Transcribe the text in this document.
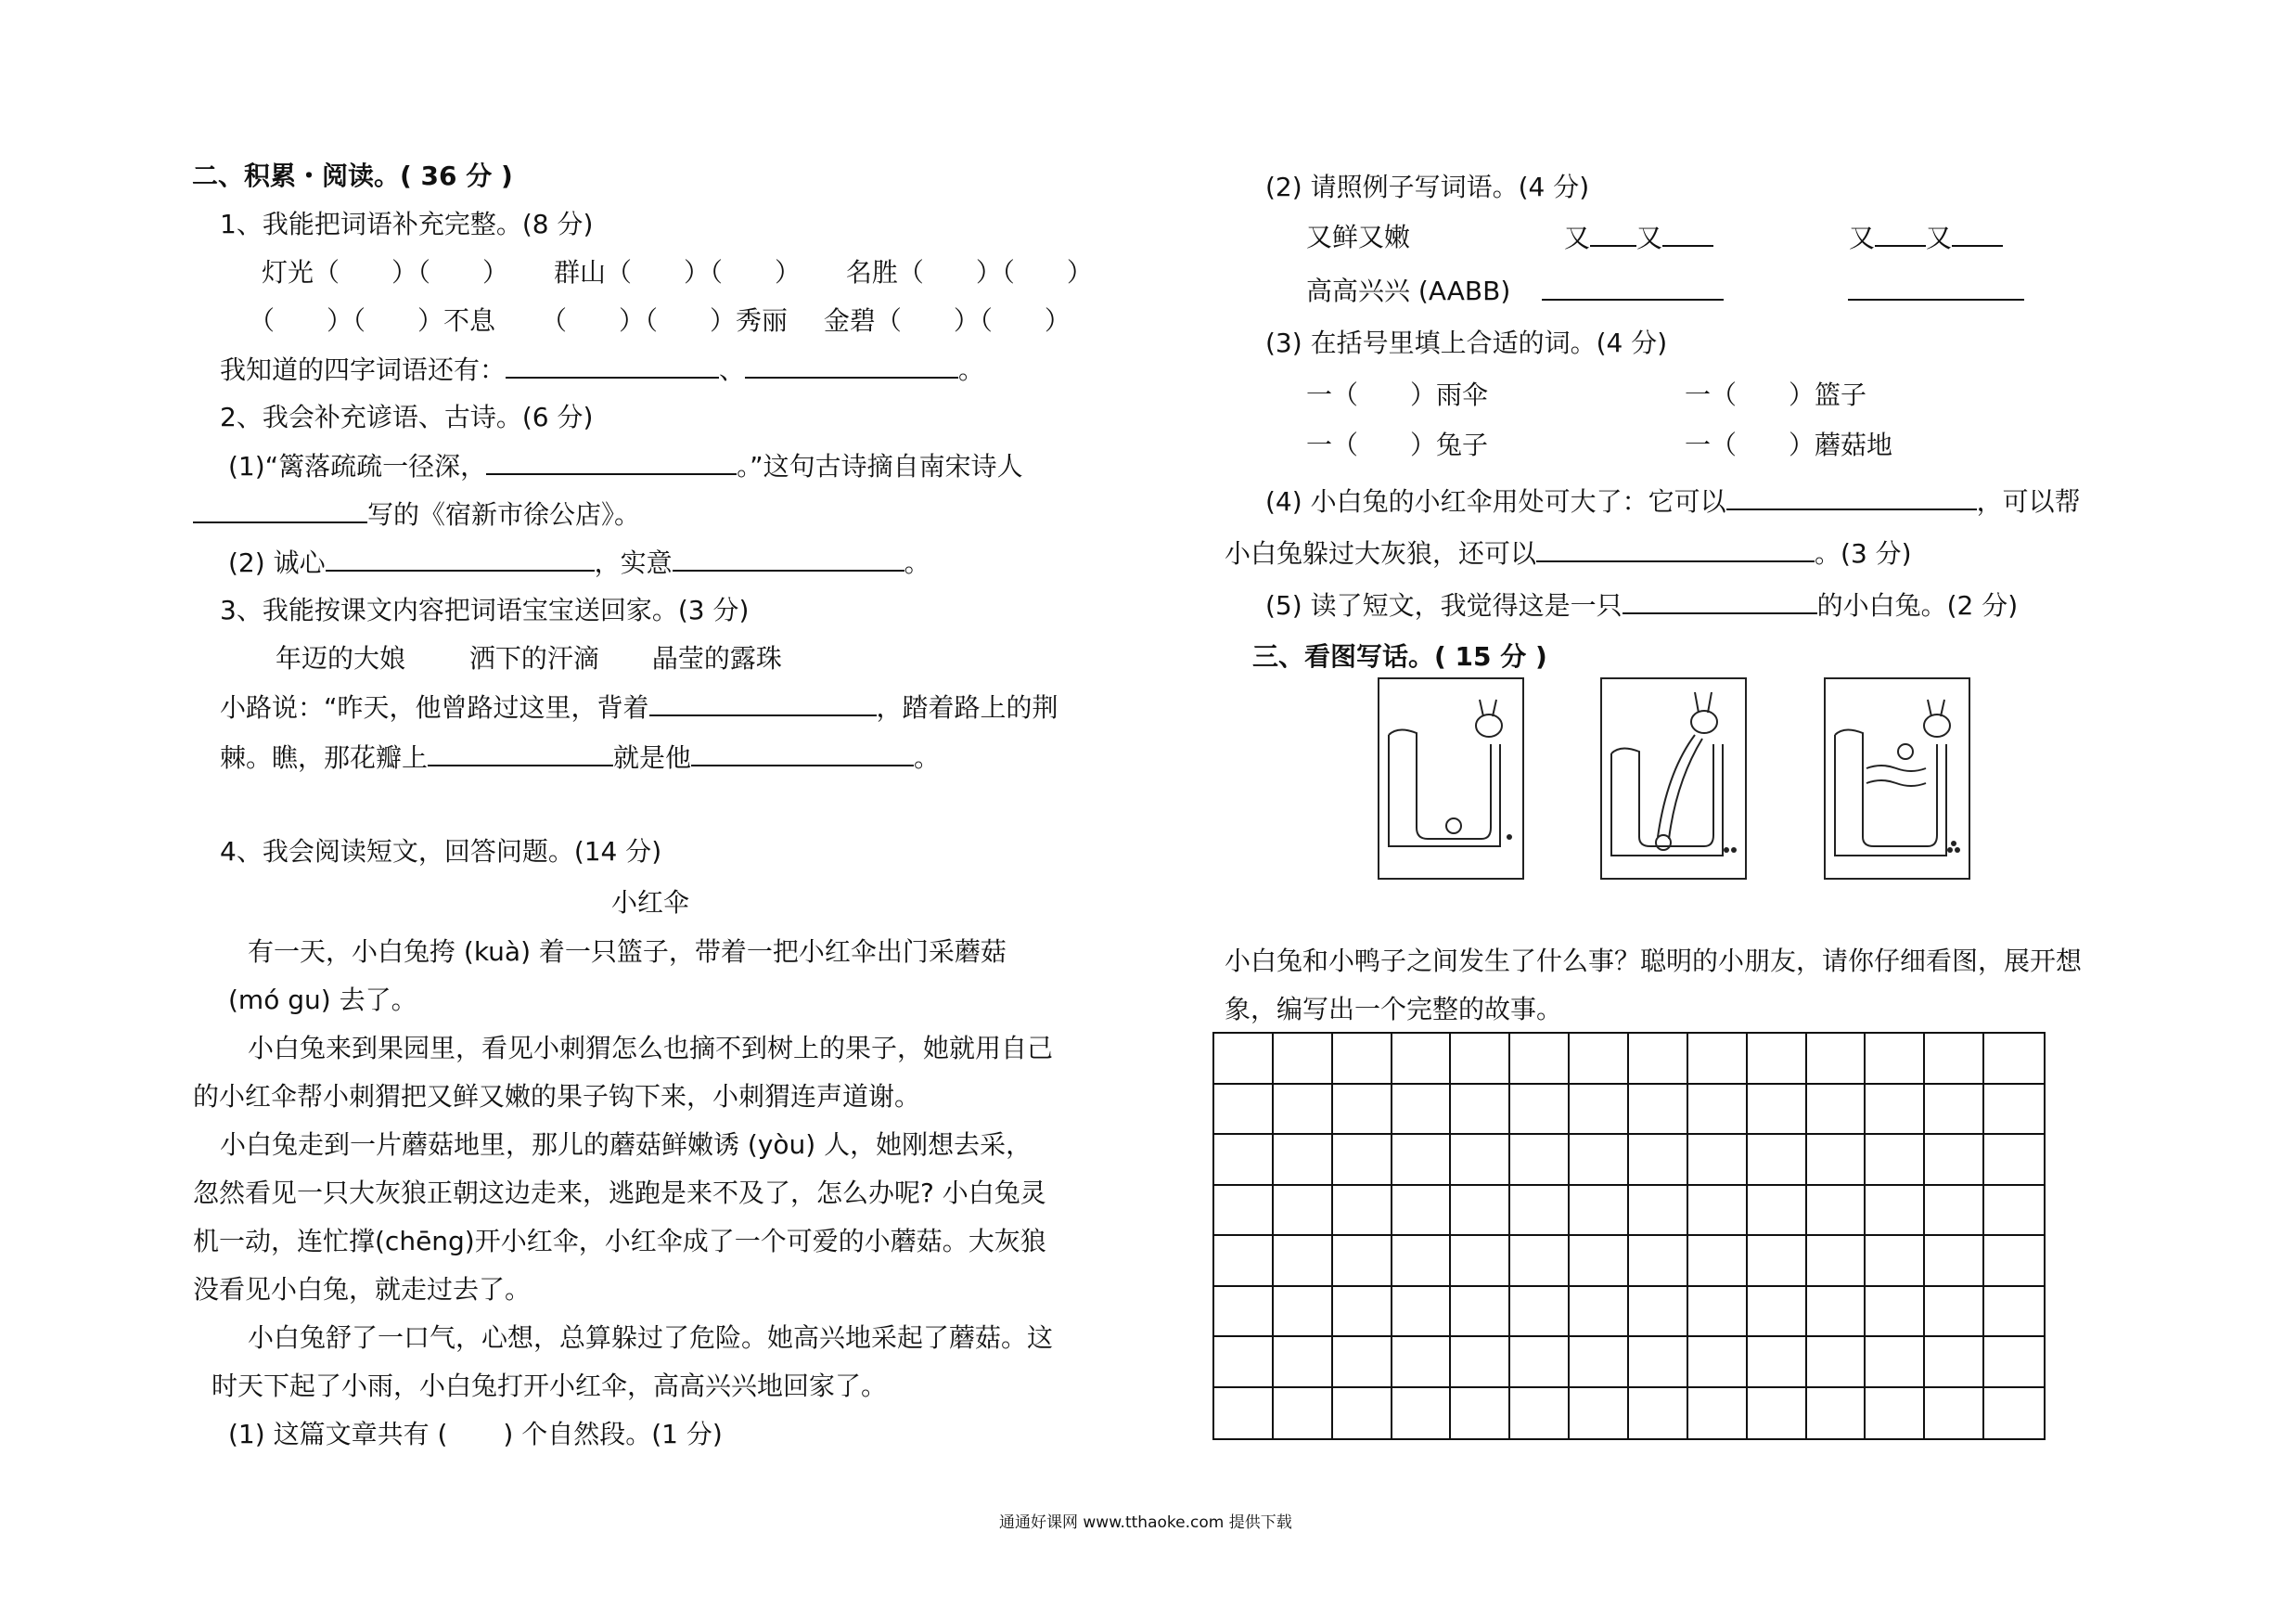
二、积累・阅读。( 36 分 )
1、我能把词语补充完整。(8 分)
灯光（　　）（　　） 群山（　　）（　　） 名胜（　　）（　　）
（　　）（　　）不息 （　　）（　　）秀丽 金碧（　　）（　　）
我知道的四字词语还有：	、	。
2、我会补充谚语、古诗。(6 分)
(1)“篱落疏疏一径深，	。”这句古诗摘自南宋诗人
写的《宿新市徐公店》。
(2) 诚心	，实意	。
3、我能按课文内容把词语宝宝送回家。(3 分)
年迈的大娘 洒下的汗滴 晶莹的露珠
小路说：“昨天，他曾路过这里，背着	，踏着路上的荆
棘。瞧，那花瓣上	就是他	。
4、我会阅读短文，回答问题。(14 分)
小红伞
有一天，小白兔挎 (kuà) 着一只篮子，带着一把小红伞出门采蘑菇
(mó gu) 去了。
小白兔来到果园里，看见小刺猬怎么也摘不到树上的果子，她就用自己
的小红伞帮小刺猬把又鲜又嫩的果子钩下来，小刺猬连声道谢。
小白兔走到一片蘑菇地里，那儿的蘑菇鲜嫩诱 (yòu) 人，她刚想去采，
忽然看见一只大灰狼正朝这边走来，逃跑是来不及了，怎么办呢? 小白兔灵
机一动，连忙撑(chēng)开小红伞，小红伞成了一个可爱的小蘑菇。大灰狼
没看见小白兔，就走过去了。
小白兔舒了一口气，心想，总算躲过了危险。她高兴地采起了蘑菇。这
时天下起了小雨，小白兔打开小红伞，高高兴兴地回家了。
(1) 这篇文章共有 ( ) 个自然段。(1 分)
(2) 请照例子写词语。(4 分)
又鲜又嫩	又 又	又 又
高高兴兴 (AABB)
(3) 在括号里填上合适的词。(4 分)
一（　　）雨伞	一（　　）篮子
一（　　）兔子	一（　　）蘑菇地
(4) 小白兔的小红伞用处可大了：它可以	，可以帮
小白兔躲过大灰狼，还可以	。(3 分)
(5) 读了短文，我觉得这是一只	的小白兔。(2 分)
三、看图写话。( 15 分 )
小白兔和小鸭子之间发生了什么事？聪明的小朋友，请你仔细看图，展开想
象，编写出一个完整的故事。
通通好课网 www.tthaoke.com 提供下载
